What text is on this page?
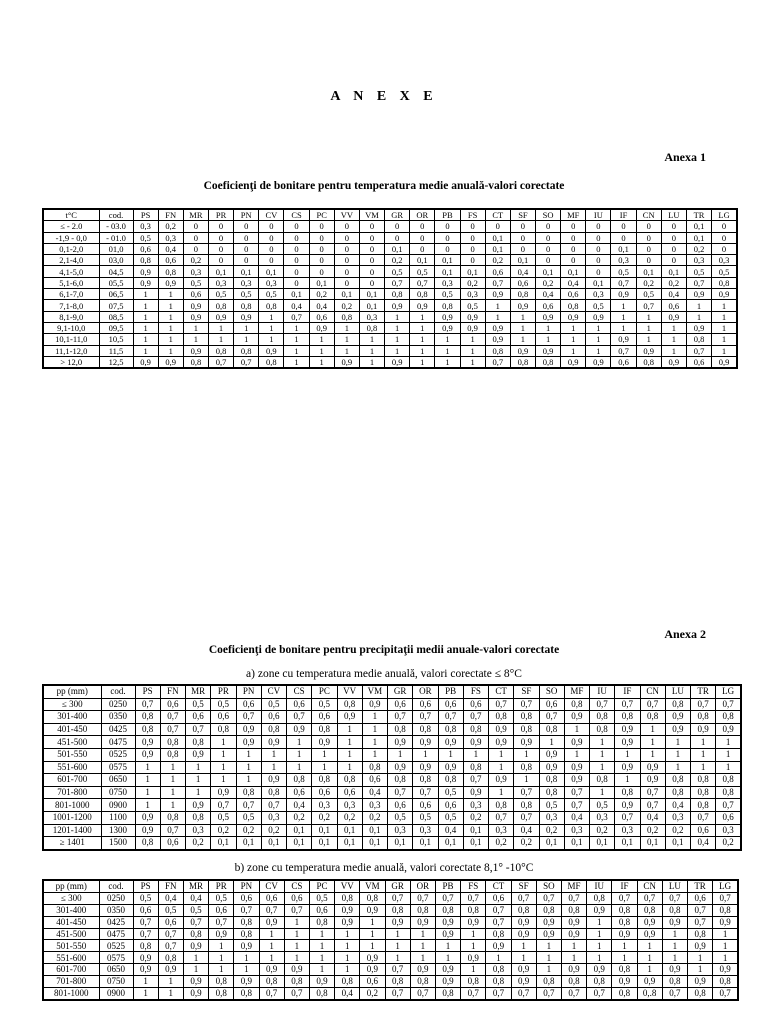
A N E X E
Anexa 1
Coeficienţi de bonitare pentru temperatura medie anuală-valori corectate
t°C	cod.	PS	FN	MR	PR	PN	CV	CS	PC	VV	VM	GR	OR	PB	FS	CT	SF	SO	MF	IU	IF	CN	LU	TR	LG
≤ - 2.0	- 03.0	0,3	0,2	0	0	0	0	0	0	0	0	0	0	0	0	0	0	0	0	0	0	0	0	0,1	0
-1,9 - 0,0	- 01.0	0,5	0,3	0	0	0	0	0	0	0	0	0	0	0	0	0,1	0	0	0	0	0	0	0	0,1	0
0,1-2,0	01,0	0,6	0,4	0	0	0	0	0	0	0	0	0,1	0	0	0	0,1	0	0	0	0	0,1	0	0	0,2	0
2,1-4,0	03,0	0,8	0,6	0,2	0	0	0	0	0	0	0	0,2	0,1	0,1	0	0,2	0,1	0	0	0	0,3	0	0	0,3	0,3
4,1-5,0	04,5	0,9	0,8	0,3	0,1	0,1	0,1	0	0	0	0	0,5	0,5	0,1	0,1	0,6	0,4	0,1	0,1	0	0,5	0,1	0,1	0,5	0,5
5,1-6,0	05,5	0,9	0,9	0,5	0,3	0,3	0,3	0	0,1	0	0	0,7	0,7	0,3	0,2	0,7	0,6	0,2	0,4	0,1	0,7	0,2	0,2	0,7	0,8
6,1-7,0	06,5	1	1	0,6	0,5	0,5	0,5	0,1	0,2	0,1	0,1	0,8	0,8	0,5	0,3	0,9	0,8	0,4	0,6	0,3	0,9	0,5	0,4	0,9	0,9
7,1-8,0	07,5	1	1	0,9	0,8	0,8	0,8	0,4	0,4	0,2	0,1	0,9	0,9	0,8	0,5	1	0,9	0,6	0,8	0,5	1	0,7	0,6	1	1
8,1-9,0	08,5	1	1	0,9	0,9	0,9	1	0,7	0,6	0,8	0,3	1	1	0,9	0,9	1	1	0,9	0,9	0,9	1	1	0,9	1	1
9,1-10,0	09,5	1	1	1	1	1	1	1	0,9	1	0,8	1	1	0,9	0,9	0,9	1	1	1	1	1	1	1	0,9	1
10,1-11,0	10,5	1	1	1	1	1	1	1	1	1	1	1	1	1	1	0,9	1	1	1	1	0,9	1	1	0,8	1
11,1-12,0	11,5	1	1	0,9	0,8	0,8	0,9	1	1	1	1	1	1	1	1	0,8	0,9	0,9	1	1	0,7	0,9	1	0,7	1
> 12,0	12,5	0,9	0,9	0,8	0,7	0,7	0,8	1	1	0,9	1	0,9	1	1	1	0,7	0,8	0,8	0,9	0,9	0,6	0,8	0,9	0,6	0,9
Anexa 2
Coeficienţi de bonitare pentru precipitaţii medii anuale-valori corectate
a) zone cu temperatura medie anuală, valori corectate ≤ 8°C
pp (mm)	cod.	PS	FN	MR	PR	PN	CV	CS	PC	VV	VM	GR	OR	PB	FS	CT	SF	SO	MF	IU	IF	CN	LU	TR	LG
≤ 300	0250	0,7	0,6	0,5	0,5	0,6	0,5	0,6	0,5	0,8	0,9	0,6	0,6	0,6	0,6	0,7	0,7	0,6	0,8	0,7	0,7	0,7	0,8	0,7	0,7
301-400	0350	0,8	0,7	0,6	0,6	0,7	0,6	0,7	0,6	0,9	1	0,7	0,7	0,7	0,7	0,8	0,8	0,7	0,9	0,8	0,8	0,8	0,9	0,8	0,8
401-450	0425	0,8	0,7	0,7	0,8	0,9	0,8	0,9	0,8	1	1	0,8	0,8	0,8	0,8	0,9	0,8	0,8	1	0,8	0,9	1	0,9	0,9	0,9
451-500	0475	0,9	0,8	0,8	1	0,9	0,9	1	0,9	1	1	0,9	0,9	0,9	0,9	0,9	0,9	1	0,9	1	0,9	1	1	1	1
501-550	0525	0,9	0,8	0,9	1	1	1	1	1	1	1	1	1	1	1	1	1	0,9	1	1	1	1	1	1	1
551-600	0575	1	1	1	1	1	1	1	1	1	0,8	0,9	0,9	0,9	0,8	1	0,8	0,9	0,9	1	0,9	0,9	1	1	1
601-700	0650	1	1	1	1	1	0,9	0,8	0,8	0,8	0,6	0,8	0,8	0,8	0,7	0,9	1	0,8	0,9	0,8	1	0,9	0,8	0,8	0,8
701-800	0750	1	1	1	0,9	0,8	0,8	0,6	0,6	0,6	0,4	0,7	0,7	0,5	0,9	1	0,7	0,8	0,7	1	0,8	0,7	0,8	0,8	0,8
801-1000	0900	1	1	0,9	0,7	0,7	0,7	0,4	0,3	0,3	0,3	0,6	0,6	0,6	0,3	0,8	0,8	0,5	0,7	0,5	0,9	0,7	0,4	0,8	0,7
1001-1200	1100	0,9	0,8	0,8	0,5	0,5	0,3	0,2	0,2	0,2	0,2	0,5	0,5	0,5	0,2	0,7	0,7	0,3	0,4	0,3	0,7	0,4	0,3	0,7	0,6
1201-1400	1300	0,9	0,7	0,3	0,2	0,2	0,2	0,1	0,1	0,1	0,1	0,3	0,3	0,4	0,1	0,3	0,4	0,2	0,3	0,2	0,3	0,2	0,2	0,6	0,3
≥ 1401	1500	0,8	0,6	0,2	0,1	0,1	0,1	0,1	0,1	0,1	0,1	0,1	0,1	0,1	0,1	0,2	0,2	0,1	0,1	0,1	0,1	0,1	0,1	0,4	0,2
b) zone cu temperatura medie anuală, valori corectate 8,1° -10°C
pp (mm)	cod.	PS	FN	MR	PR	PN	CV	CS	PC	VV	VM	GR	OR	PB	FS	CT	SF	SO	MF	IU	IF	CN	LU	TR	LG
≤ 300	0250	0,5	0,4	0,4	0,5	0,6	0,6	0,6	0,5	0,8	0,8	0,7	0,7	0,7	0,7	0,6	0,7	0,7	0,7	0,8	0,7	0,7	0,7	0,6	0,7
301-400	0350	0,6	0,5	0,5	0,6	0,7	0,7	0,7	0,6	0,9	0,9	0,8	0,8	0,8	0,8	0,7	0,8	0,8	0,8	0,9	0,8	0,8	0,8	0,7	0,8
401-450	0425	0,7	0,6	0,7	0,7	0,8	0,9	1	0,8	0,9	1	0,9	0,9	0,9	0,9	0,7	0,9	0,9	0,9	1	0,8	0,9	0,9	0,7	0,9
451-500	0475	0,7	0,7	0,8	0,9	0,8	1	1	1	1	1	1	1	0,9	1	0,8	0,9	0,9	0,9	1	0,9	0,9	1	0,8	1
501-550	0525	0,8	0,7	0,9	1	0,9	1	1	1	1	1	1	1	1	1	0,9	1	1	1	1	1	1	1	0,9	1
551-600	0575	0,9	0,8	1	1	1	1	1	1	1	0,9	1	1	1	0,9	1	1	1	1	1	1	1	1	1	1
601-700	0650	0,9	0,9	1	1	1	0,9	0,9	1	1	0,9	0,7	0,9	0,9	1	0,8	0,9	1	0,9	0,9	0,8	1	0,9	1	0,9
701-800	0750	1	1	0,9	0,8	0,9	0,8	0,8	0,9	0,8	0,6	0,8	0,8	0,9	0,8	0,8	0,9	0,8	0,8	0,8	0,9	0,9	0,8	0,9	0,8
801-1000	0900	1	1	0,9	0,8	0,8	0,7	0,7	0,8	0,4	0,2	0,7	0,7	0,8	0,7	0,7	0,7	0,7	0,7	0,7	0,8	0,.8	0,7	0,8	0,7
